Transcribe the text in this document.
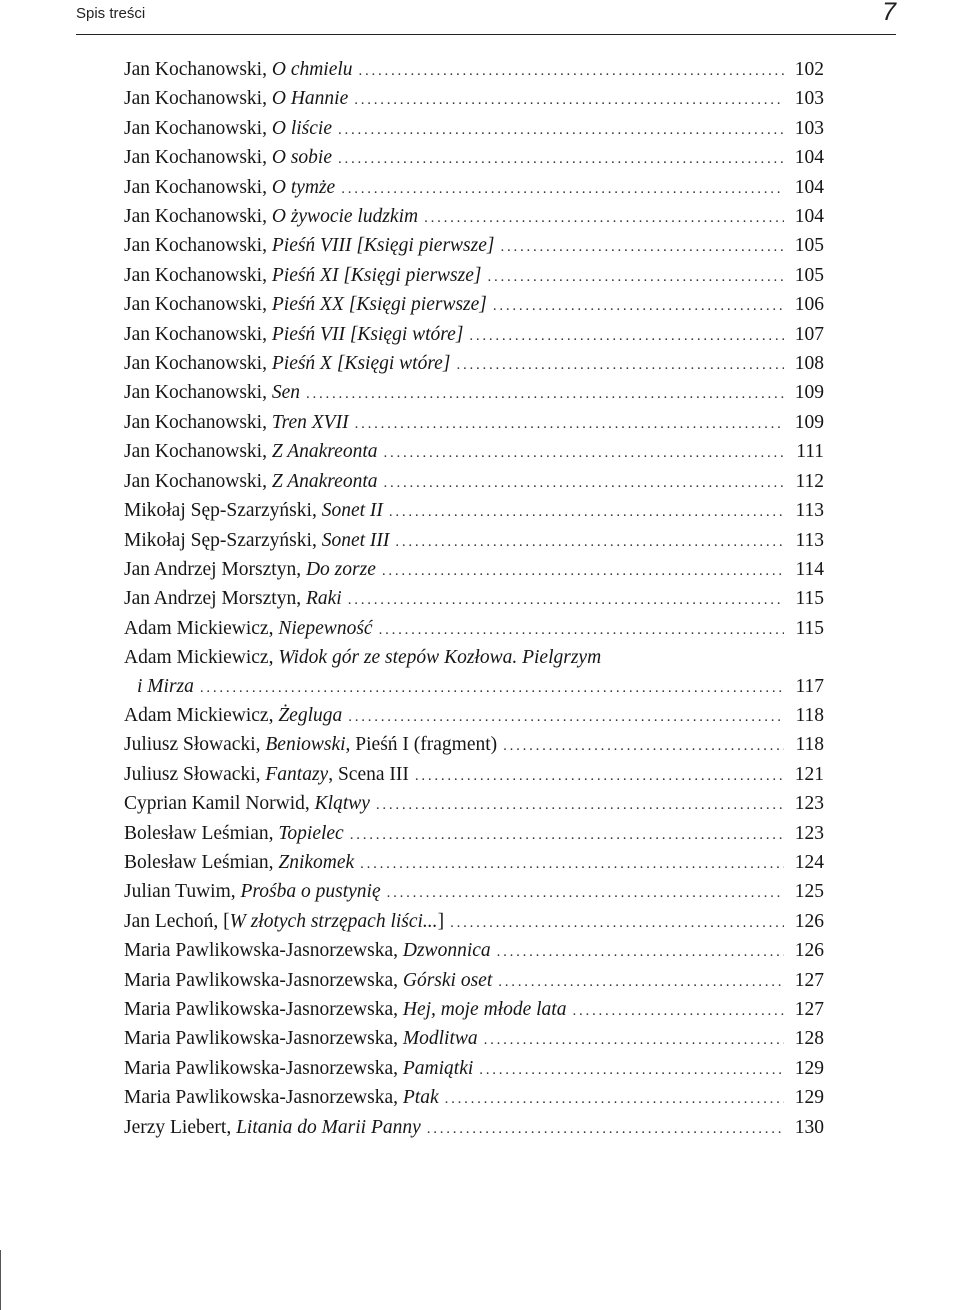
Spis treści	7
Jan Kochanowski, O chmielu . . .	102
Jan Kochanowski, O Hannie . . .	103
Jan Kochanowski, O liście . . .	103
Jan Kochanowski, O sobie . . .	104
Jan Kochanowski, O tymże . . .	104
Jan Kochanowski, O żywocie ludzkim . . .	104
Jan Kochanowski, Pieśń VIII [Księgi pierwsze] . . .	105
Jan Kochanowski, Pieśń XI [Księgi pierwsze] . . .	105
Jan Kochanowski, Pieśń XX [Księgi pierwsze] . . .	106
Jan Kochanowski, Pieśń VII [Księgi wtóre] . . .	107
Jan Kochanowski, Pieśń X [Księgi wtóre] . . .	108
Jan Kochanowski, Sen . . .	109
Jan Kochanowski, Tren XVII . . .	109
Jan Kochanowski, Z Anakreonta . . .	111
Jan Kochanowski, Z Anakreonta . . .	112
Mikołaj Sęp-Szarzyński, Sonet II . . .	113
Mikołaj Sęp-Szarzyński, Sonet III . . .	113
Jan Andrzej Morsztyn, Do zorze . . .	114
Jan Andrzej Morsztyn, Raki . . .	115
Adam Mickiewicz, Niepewność . . .	115
Adam Mickiewicz, Widok gór ze stepów Kozłowa. Pielgrzym
i Mirza . . .	117
Adam Mickiewicz, Żegluga . . .	118
Juliusz Słowacki, Beniowski, Pieśń I (fragment) . . .	118
Juliusz Słowacki, Fantazy, Scena III . . .	121
Cyprian Kamil Norwid, Klątwy . . .	123
Bolesław Leśmian, Topielec . . .	123
Bolesław Leśmian, Znikomek . . .	124
Julian Tuwim, Prośba o pustynię . . .	125
Jan Lechoń, [W złotych strzępach liści...] . . .	126
Maria Pawlikowska-Jasnorzewska, Dzwonnica . . .	126
Maria Pawlikowska-Jasnorzewska, Górski oset . . .	127
Maria Pawlikowska-Jasnorzewska, Hej, moje młode lata . . .	127
Maria Pawlikowska-Jasnorzewska, Modlitwa . . .	128
Maria Pawlikowska-Jasnorzewska, Pamiątki . . .	129
Maria Pawlikowska-Jasnorzewska, Ptak . . .	129
Jerzy Liebert, Litania do Marii Panny . . .	130
